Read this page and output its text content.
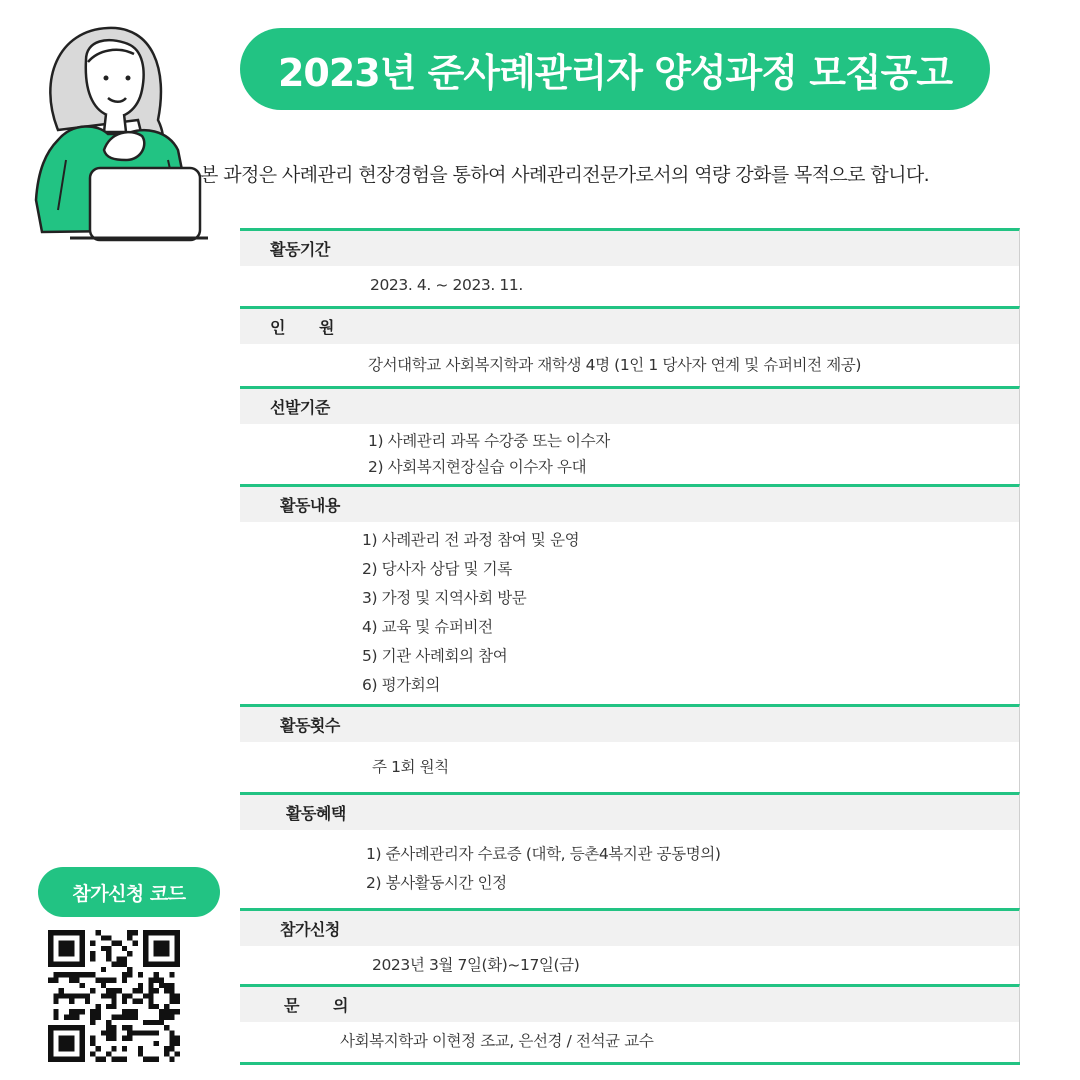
2023년 준사례관리자 양성과정 모집공고
본 과정은 사례관리 현장경험을 통하여 사례관리전문가로서의 역량 강화를 목적으로 합니다.
활동기간
2023. 4. ~ 2023. 11.
인 원
강서대학교 사회복지학과 재학생 4명 (1인 1 당사자 연계 및 슈퍼비전 제공)
선발기준
1) 사례관리 과목 수강중 또는 이수자
2) 사회복지현장실습 이수자 우대
활동내용
1) 사례관리 전 과정 참여 및 운영
2) 당사자 상담 및 기록
3) 가정 및 지역사회 방문
4) 교육 및 슈퍼비전
5) 기관 사례회의 참여
6) 평가회의
활동횟수
주 1회 원칙
활동혜택
1) 준사례관리자 수료증 (대학, 등촌4복지관 공동명의)
2) 봉사활동시간 인정
참가신청
2023년 3월 7일(화)~17일(금)
문 의
사회복지학과 이현정 조교, 은선경 / 전석균 교수
참가신청 코드
